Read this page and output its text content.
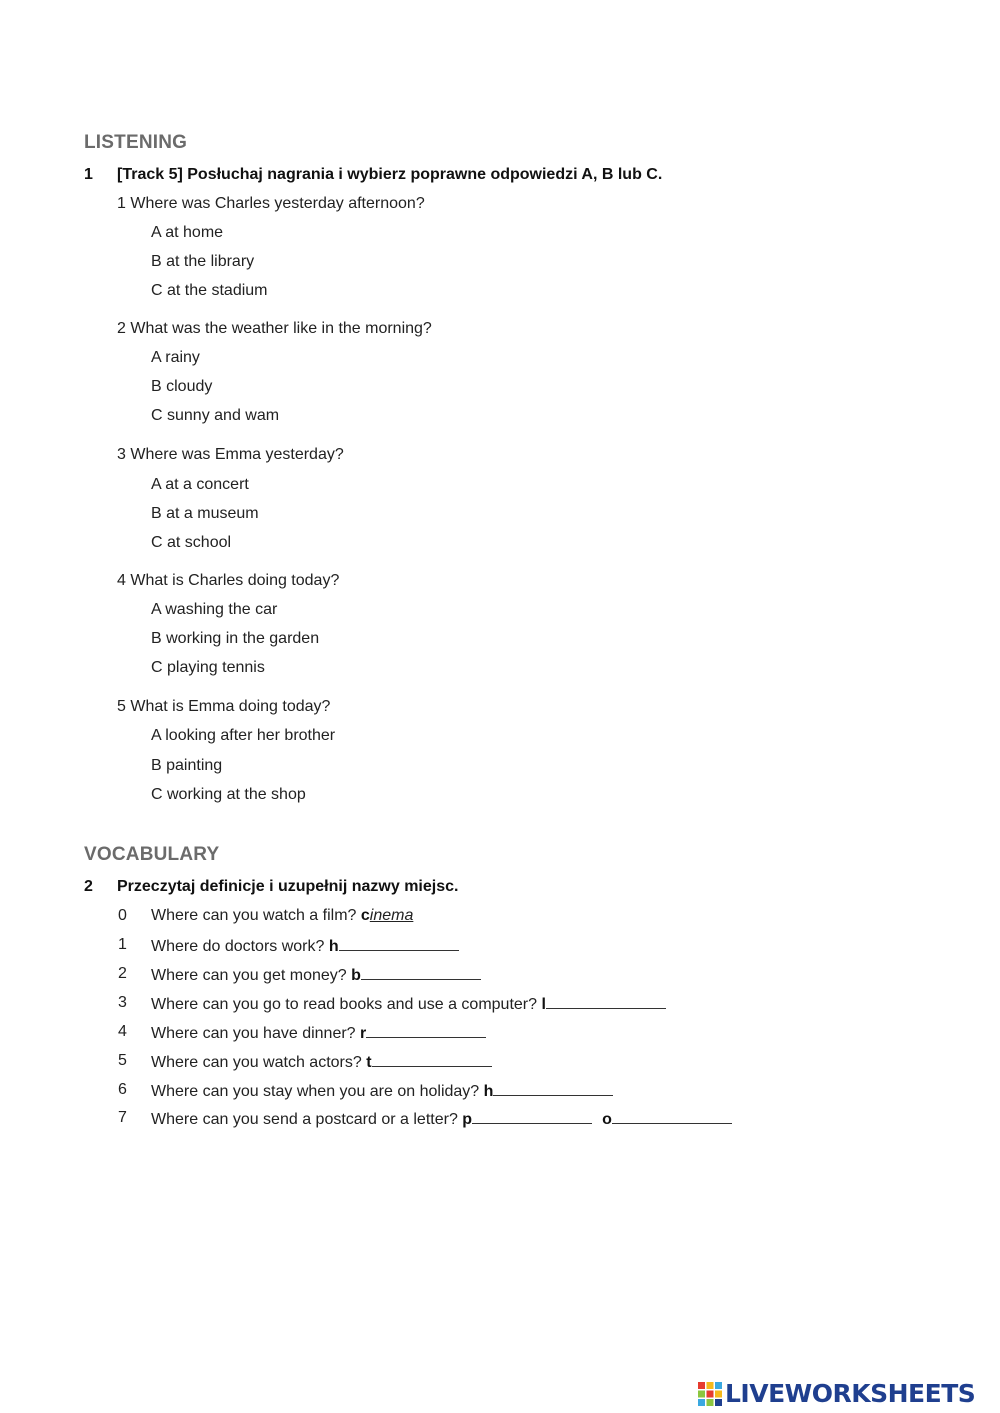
LISTENING
1 [Track 5] Posłuchaj nagrania i wybierz poprawne odpowiedzi A, B lub C.
1 Where was Charles yesterday afternoon?
A at home
B at the library
C at the stadium
2 What was the weather like in the morning?
A rainy
B cloudy
C sunny and wam
3 Where was Emma yesterday?
A at a concert
B at a museum
C at school
4 What is Charles doing today?
A washing the car
B working in the garden
C playing tennis
5 What is Emma doing today?
A looking after her brother
B painting
C working at the shop
VOCABULARY
2 Przeczytaj definicje i uzupełnij nazwy miejsc.
0 Where can you watch a film? cinema
1 Where do doctors work? h
2 Where can you get money? b
3 Where can you go to read books and use a computer? l
4 Where can you have dinner? r
5 Where can you watch actors? t
6 Where can you stay when you are on holiday? h
7 Where can you send a postcard or a letter? p	o
LIVEWORKSHEETS
